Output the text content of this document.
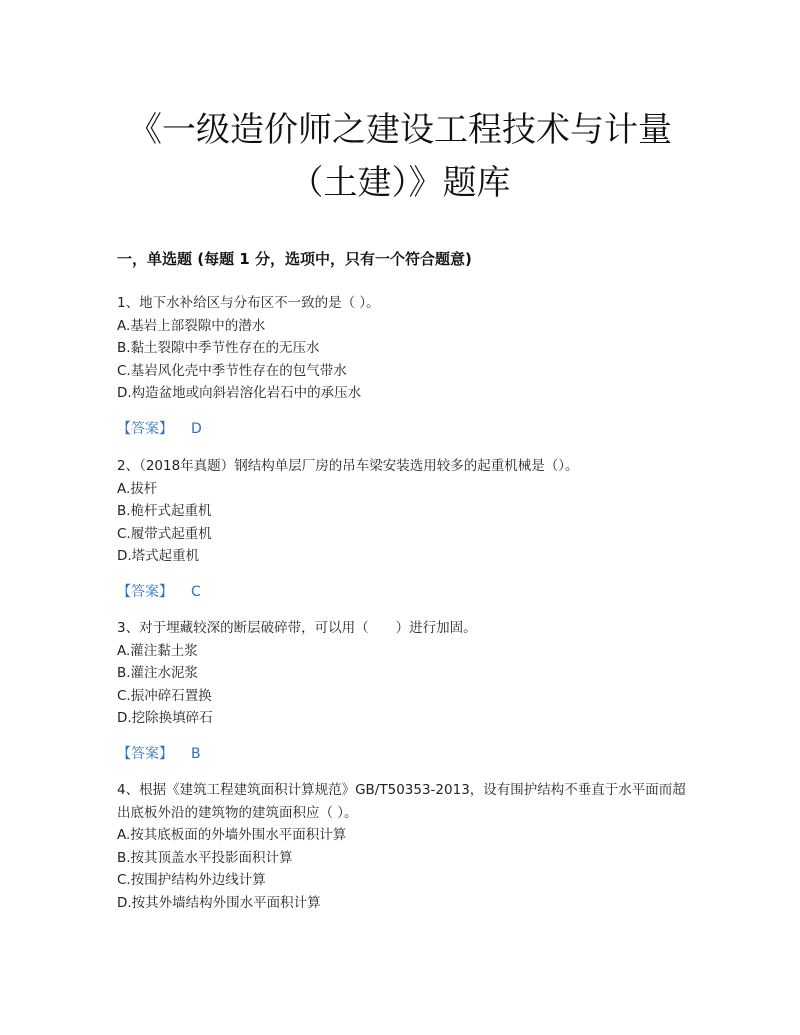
《一级造价师之建设工程技术与计量
（土建）》题库
一，单选题 (每题 1 分，选项中，只有一个符合题意)

1、地下水补给区与分布区不一致的是（ ）。

A.基岩上部裂隙中的潜水

B.黏土裂隙中季节性存在的无压水

C.基岩风化壳中季节性存在的包气带水

D.构造盆地或向斜岩溶化岩石中的承压水

【答案】 D

2、（2018年真题）钢结构单层厂房的吊车梁安装选用较多的起重机械是（）。

A.拔杆

B.桅杆式起重机

C.履带式起重机

D.塔式起重机

【答案】 C

3、对于埋藏较深的断层破碎带，可以用（　　）进行加固。

A.灌注黏土浆

B.灌注水泥浆

C.振冲碎石置换

D.挖除换填碎石

【答案】 B

4、根据《建筑工程建筑面积计算规范》GB/T50353-2013，设有围护结构不垂直于水平面而超出底板外沿的建筑物的建筑面积应（ ）。

A.按其底板面的外墙外围水平面积计算

B.按其顶盖水平投影面积计算

C.按围护结构外边线计算

D.按其外墙结构外围水平面积计算
